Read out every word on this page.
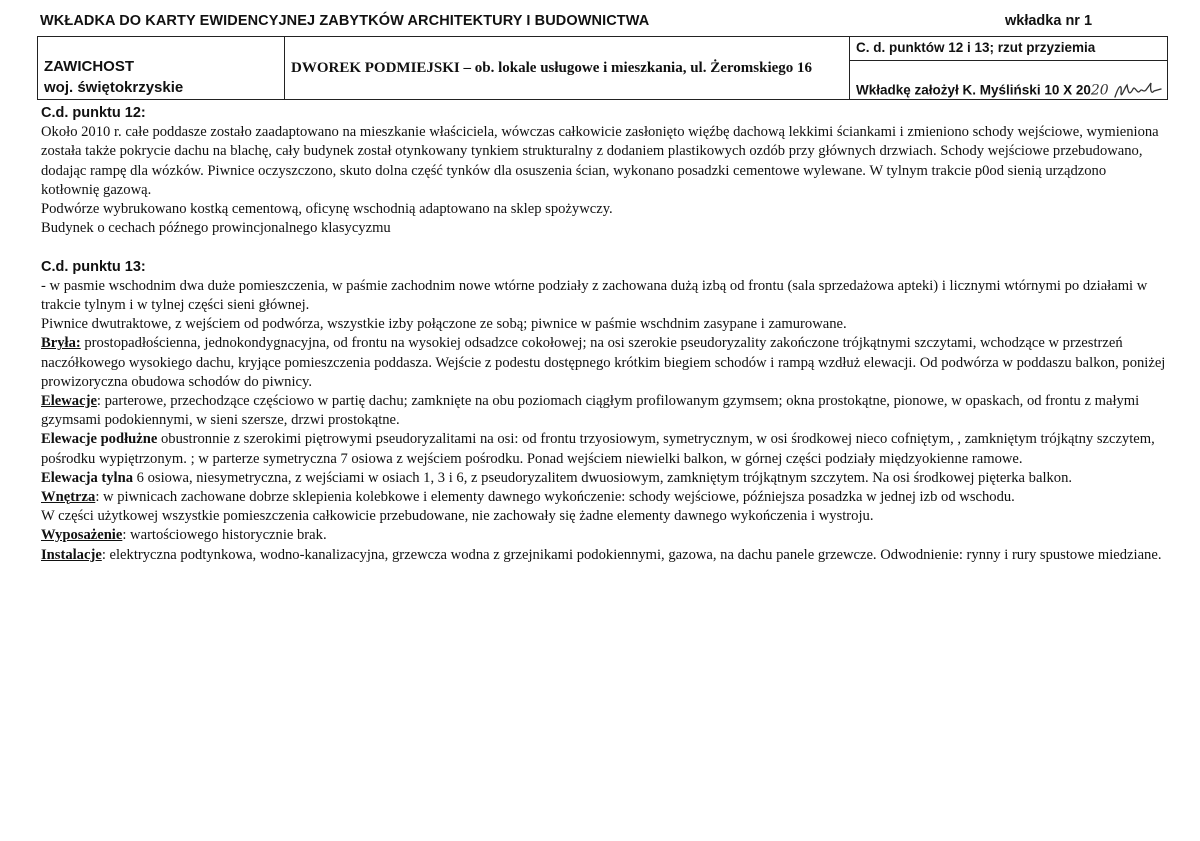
WKŁADKA DO KARTY EWIDENCYJNEJ ZABYTKÓW ARCHITEKTURY I BUDOWNICTWA	wkładka nr 1
ZAWICHOST
woj. świętokrzyskie
DWOREK PODMIEJSKI – ob. lokale usługowe i mieszkania, ul. Żeromskiego 16
C. d. punktów 12 i 13; rzut przyziemia
Wkładkę założył K. Myśliński 10 X 2020

C.d. punktu 12:

Około 2010 r. całe poddasze zostało zaadaptowano na mieszkanie właściciela, wówczas całkowicie zasłonięto więźbę dachową lekkimi ściankami i zmieniono schody wejściowe, wymieniona została także pokrycie dachu na blachę, cały budynek został otynkowany tynkiem strukturalny z dodaniem plastikowych ozdób przy głównych drzwiach. Schody wejściowe przebudowano, dodając rampę dla wózków. Piwnice oczyszczono, skuto dolna część tynków dla osuszenia ścian, wykonano posadzki cementowe wylewane. W tylnym trakcie p0od sienią urządzono kotłownię gazową.

Podwórze wybrukowano kostką cementową, oficynę wschodnią adaptowano na sklep spożywczy.

Budynek o cechach późnego prowincjonalnego klasycyzmu

C.d. punktu 13:

- w pasmie wschodnim dwa duże pomieszczenia, w paśmie zachodnim nowe wtórne podziały z zachowana dużą izbą od frontu (sala sprzedażowa apteki) i licznymi wtórnymi po działami w trakcie tylnym i w tylnej części sieni głównej.

Piwnice dwutraktowe, z wejściem od podwórza, wszystkie izby połączone ze sobą; piwnice w paśmie wschdnim zasypane i zamurowane.

Bryła: prostopadłościenna, jednokondygnacyjna, od frontu na wysokiej odsadzce cokołowej; na osi szerokie pseudoryzality zakończone trójkątnymi szczytami, wchodzące w przestrzeń naczółkowego wysokiego dachu, kryjące pomieszczenia poddasza. Wejście z podestu dostępnego krótkim biegiem schodów i rampą wzdłuż elewacji. Od podwórza w poddaszu balkon, poniżej prowizoryczna obudowa schodów do piwnicy.

Elewacje: parterowe, przechodzące częściowo w partię dachu; zamknięte na obu poziomach ciągłym profilowanym gzymsem; okna prostokątne, pionowe, w opaskach, od frontu z małymi gzymsami podokiennymi, w sieni szersze, drzwi prostokątne.

Elewacje podłużne obustronnie z szerokimi piętrowymi pseudoryzalitami na osi: od frontu trzyosiowym, symetrycznym, w osi środkowej nieco cofniętym, , zamkniętym trójkątny szczytem, pośrodku wypiętrzonym. ; w parterze symetryczna 7 osiowa z wejściem pośrodku. Ponad wejściem niewielki balkon, w górnej części podziały międzyokienne ramowe.

Elewacja tylna 6 osiowa, niesymetryczna, z wejściami w osiach 1, 3 i 6, z pseudoryzalitem dwuosiowym, zamkniętym trójkątnym szczytem. Na osi środkowej pięterka balkon.

Wnętrza: w piwnicach zachowane dobrze sklepienia kolebkowe i elementy dawnego wykończenie: schody wejściowe, późniejsza posadzka w jednej izb od wschodu.

W części użytkowej wszystkie pomieszczenia całkowicie przebudowane, nie zachowały się żadne elementy dawnego wykończenia i wystroju.

Wyposażenie: wartościowego historycznie brak.

Instalacje: elektryczna podtynkowa, wodno-kanalizacyjna, grzewcza wodna z grzejnikami podokiennymi, gazowa, na dachu panele grzewcze. Odwodnienie: rynny i rury spustowe miedziane.
